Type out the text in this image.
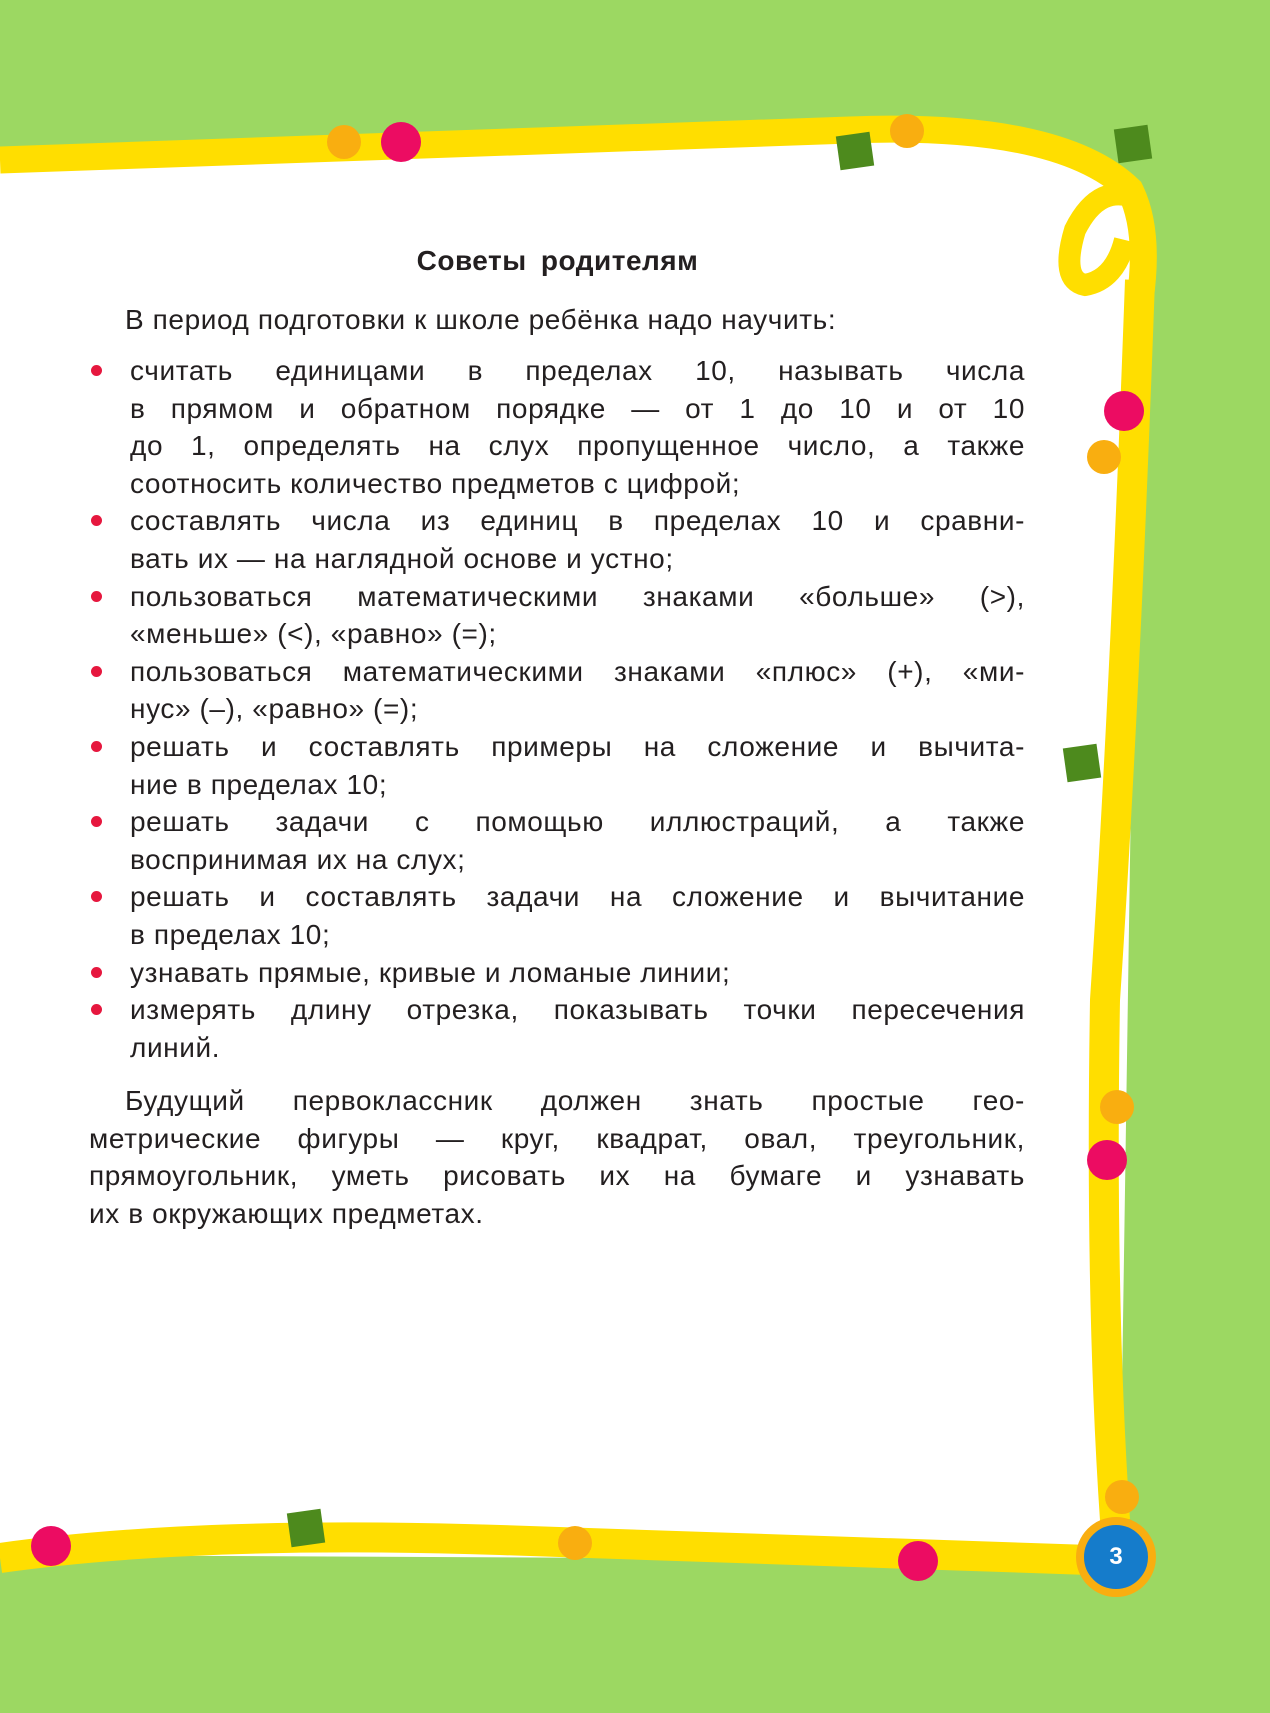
Советы родителям
В период подготовки к школе ребёнка надо научить:
считать единицами в пределах 10, называть числа
в прямом и обратном порядке — от 1 до 10 и от 10
до 1, определять на слух пропущенное число, а также
соотносить количество предметов с цифрой;
составлять числа из единиц в пределах 10 и сравни-
вать их — на наглядной основе и устно;
пользоваться математическими знаками «больше» (>),
«меньше» (<), «равно» (=);
пользоваться математическими знаками «плюс» (+), «ми-
нус» (–), «равно» (=);
решать и составлять примеры на сложение и вычита-
ние в пределах 10;
решать задачи с помощью иллюстраций, а также
воспринимая их на слух;
решать и составлять задачи на сложение и вычитание
в пределах 10;
узнавать прямые, кривые и ломаные линии;
измерять длину отрезка, показывать точки пересечения
линий.
Будущий первоклассник должен знать простые гео-
метрические фигуры — круг, квадрат, овал, треугольник,
прямоугольник, уметь рисовать их на бумаге и узнавать
их в окружающих предметах.
3
